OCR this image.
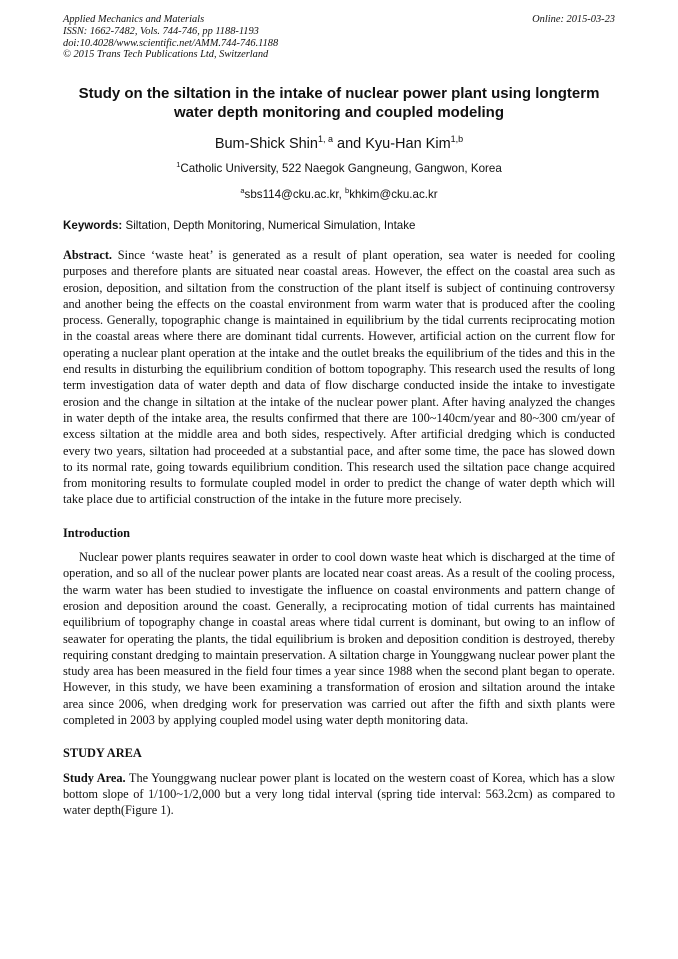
Applied Mechanics and Materials
ISSN: 1662-7482, Vols. 744-746, pp 1188-1193
doi:10.4028/www.scientific.net/AMM.744-746.1188
© 2015 Trans Tech Publications Ltd, Switzerland
Online: 2015-03-23
Study on the siltation in the intake of nuclear power plant using longterm water depth monitoring and coupled modeling
Bum-Shick Shin$^{1, a}$ and Kyu-Han Kim$^{1,b}$
$^1$Catholic University, 522 Naegok Gangneung, Gangwon, Korea
$^a$sbs114@cku.ac.kr, $^b$khkim@cku.ac.kr
Keywords: Siltation, Depth Monitoring, Numerical Simulation, Intake

Abstract. Since ‘waste heat’ is generated as a result of plant operation, sea water is needed for cooling purposes and therefore plants are situated near coastal areas. However, the effect on the coastal area such as erosion, deposition, and siltation from the construction of the plant itself is subject of continuing controversy and another being the effects on the coastal environment from warm water that is produced after the cooling process. Generally, topographic change is maintained in equilibrium by the tidal currents reciprocating motion in the coastal areas where there are dominant tidal currents. However, artificial action on the current flow for operating a nuclear plant operation at the intake and the outlet breaks the equilibrium of the tides and this in the end results in disturbing the equilibrium condition of bottom topography. This research used the results of long term investigation data of water depth and data of flow discharge conducted inside the intake to investigate erosion and the change in siltation at the intake of the nuclear power plant. After having analyzed the changes in water depth of the intake area, the results confirmed that there are 100~140cm/year and 80~300 cm/year of excess siltation at the middle area and both sides, respectively. After artificial dredging which is conducted every two years, siltation had proceeded at a substantial pace, and after some time, the pace has slowed down to its normal rate, going towards equilibrium condition. This research used the siltation pace change acquired from monitoring results to formulate coupled model in order to predict the change of water depth which will take place due to artificial construction of the intake in the future more precisely.

Introduction

Nuclear power plants requires seawater in order to cool down waste heat which is discharged at the time of operation, and so all of the nuclear power plants are located near coast areas. As a result of the cooling process, the warm water has been studied to investigate the influence on coastal environments and pattern change of erosion and deposition around the coast. Generally, a reciprocating motion of tidal currents has maintained equilibrium of topography change in coastal areas where tidal current is dominant, but owing to an inflow of seawater for operating the plants, the tidal equilibrium is broken and deposition condition is destroyed, thereby requiring constant dredging to maintain preservation. A siltation charge in Younggwang nuclear power plant the study area has been measured in the field four times a year since 1988 when the second plant began to operate. However, in this study, we have been examining a transformation of erosion and siltation around the intake area since 2006, when dredging work for preservation was carried out after the fifth and sixth plants were completed in 2003 by applying coupled model using water depth monitoring data.

STUDY AREA

Study Area. The Younggwang nuclear power plant is located on the western coast of Korea, which has a slow bottom slope of 1/100~1/2,000 but a very long tidal interval (spring tide interval: 563.2cm) as compared to water depth(Figure 1).
